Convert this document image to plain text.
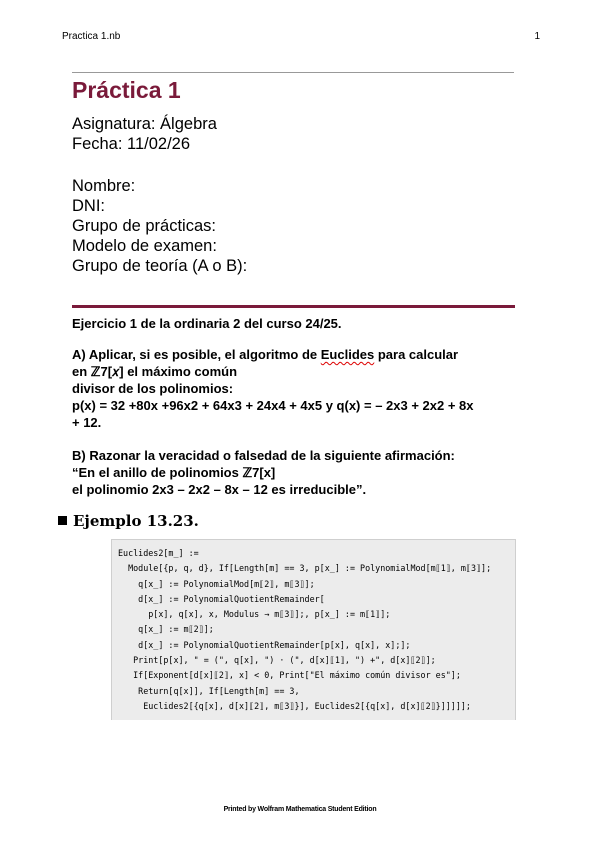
Practica 1.nb	1
Práctica 1
Asignatura: Álgebra
Fecha: 11/02/26
Nombre:
DNI:
Grupo de prácticas:
Modelo de examen:
Grupo de teoría (A o B):
Ejercicio 1 de la ordinaria 2 del curso 24/25.
A) Aplicar, si es posible, el algoritmo de Euclides para calcular
en ℤ7[𝑥] el máximo común
divisor de los polinomios:
p(x) = 32 +80x +96x2 + 64x3 + 24x4 + 4x5 y q(x) = – 2x3 + 2x2 + 8x
+ 12.
B) Razonar la veracidad o falsedad de la siguiente afirmación:
“En el anillo de polinomios ℤ7[x]
el polinomio 2x3 – 2x2 – 8x – 12 es irreducible”.
Ejemplo 13.23.
Euclides2[m_] :=
Module[{p, q, d}, If[Length[m] == 3, p[x_] := PolynomialMod[m⟦1⟧, m⟦3⟧];
q[x_] := PolynomialMod[m⟦2⟧, m⟦3⟧];
d[x_] := PolynomialQuotientRemainder[
p[x], q[x], x, Modulus → m⟦3⟧];, p[x_] := m⟦1⟧];
q[x_] := m⟦2⟧];
d[x_] := PolynomialQuotientRemainder[p[x], q[x], x];];
Print[p[x], " = (", q[x], ") · (", d[x]⟦1⟧, ") +", d[x]⟦2⟧];
If[Exponent[d[x]⟦2⟧, x] < 0, Print["El máximo común divisor es"];
Return[q[x]], If[Length[m] == 3,
Euclides2[{q[x], d[x]⟦2⟧, m⟦3⟧}], Euclides2[{q[x], d[x]⟦2⟧}]]]]];
Printed by Wolfram Mathematica Student Edition
